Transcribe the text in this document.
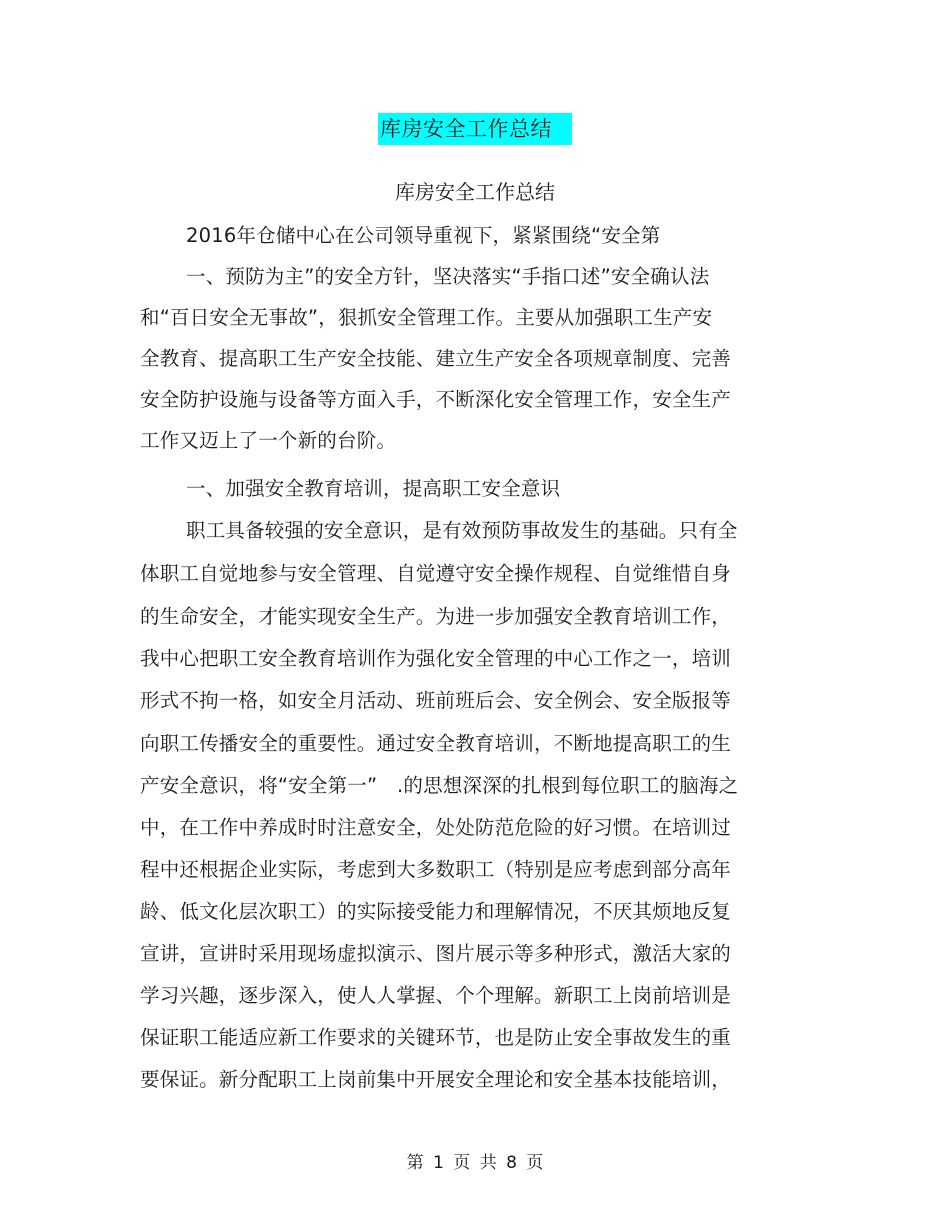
库房安全工作总结
库房安全工作总结
2016年仓储中心在公司领导重视下，紧紧围绕“安全第
一、预防为主”的安全方针，坚决落实“手指口述”安全确认法
和“百日安全无事故”，狠抓安全管理工作。主要从加强职工生产安
全教育、提高职工生产安全技能、建立生产安全各项规章制度、完善
安全防护设施与设备等方面入手，不断深化安全管理工作，安全生产
工作又迈上了一个新的台阶。
一、加强安全教育培训，提高职工安全意识
职工具备较强的安全意识，是有效预防事故发生的基础。只有全
体职工自觉地参与安全管理、自觉遵守安全操作规程、自觉维惜自身
的生命安全，才能实现安全生产。为进一步加强安全教育培训工作，
我中心把职工安全教育培训作为强化安全管理的中心工作之一，培训
形式不拘一格，如安全月活动、班前班后会、安全例会、安全版报等
向职工传播安全的重要性。通过安全教育培训，不断地提高职工的生
产安全意识，将“安全第一”　.的思想深深的扎根到每位职工的脑海之
中，在工作中养成时时注意安全，处处防范危险的好习惯。在培训过
程中还根据企业实际，考虑到大多数职工（特别是应考虑到部分高年
龄、低文化层次职工）的实际接受能力和理解情况，不厌其烦地反复
宣讲，宣讲时采用现场虚拟演示、图片展示等多种形式，激活大家的
学习兴趣，逐步深入，使人人掌握、个个理解。新职工上岗前培训是
保证职工能适应新工作要求的关键环节，也是防止安全事故发生的重
要保证。新分配职工上岗前集中开展安全理论和安全基本技能培训，
第 1 页 共 8 页
